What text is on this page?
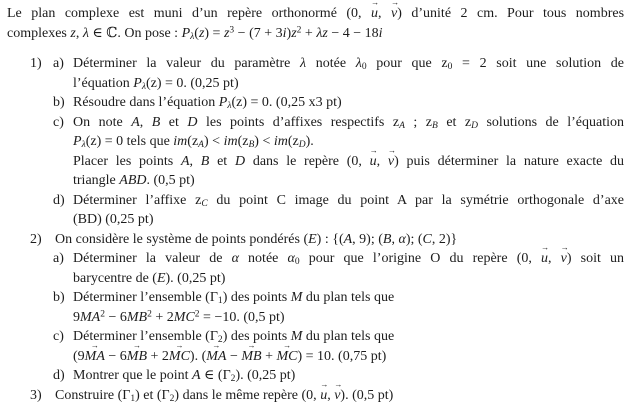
Le plan complexe est muni d’un repère orthonormé (0, u →, v →) d’unité 2 cm. Pour tous nombres
complexes z, λ ∈ ℂ. On pose : $P_\lambda(z) = z^3 - (7 + 3i)z^2 + \lambda z - 4 - 18i$
1) a) Déterminer la valeur du paramètre λ notée $\lambda_0$ pour que $z_0 = 2$ soit une solution de
l’équation $P_\lambda(z) = 0$. (0,25 pt)
b) Résoudre dans l’équation $P_\lambda(z) = 0$. (0,25 x3 pt)
c) On note A, B et D les points d’affixes respectifs $z_A$ ; $z_B$ et $z_D$ solutions de l’équation
$P_\lambda(z) = 0$ tels que $im(z_A) < im(z_B) < im(z_D)$.
Placer les points A, B et D dans le repère (0, u →, v →) puis déterminer la nature exacte du
triangle ABD. (0,5 pt)
d) Déterminer l’affixe $z_C$ du point C image du point A par la symétrie orthogonale d’axe
(BD) (0,25 pt)
2) On considère le système de points pondérés (E) : {(A, 9); (B, α); (C, 2)}
a) Déterminer la valeur de α notée $\alpha_0$ pour que l’origine O du repère (0, u →, v →) soit un
barycentre de (E). (0,25 pt)
b) Déterminer l’ensemble $(\Gamma_1)$ des points M du plan tels que
$9MA^2 - 6MB^2 + 2MC^2 = -10$. (0,5 pt)
c) Déterminer l’ensemble $(\Gamma_2)$ des points M du plan tels que
(9MA → − 6MB → + 2MC →). (MA → − MB → + MC →) = 10. (0,75 pt)
d) Montrer que le point A ∈ $(\Gamma_2)$. (0,25 pt)
3) Construire $(\Gamma_1)$ et $(\Gamma_2)$ dans le même repère (0, u →, v →). (0,5 pt)
